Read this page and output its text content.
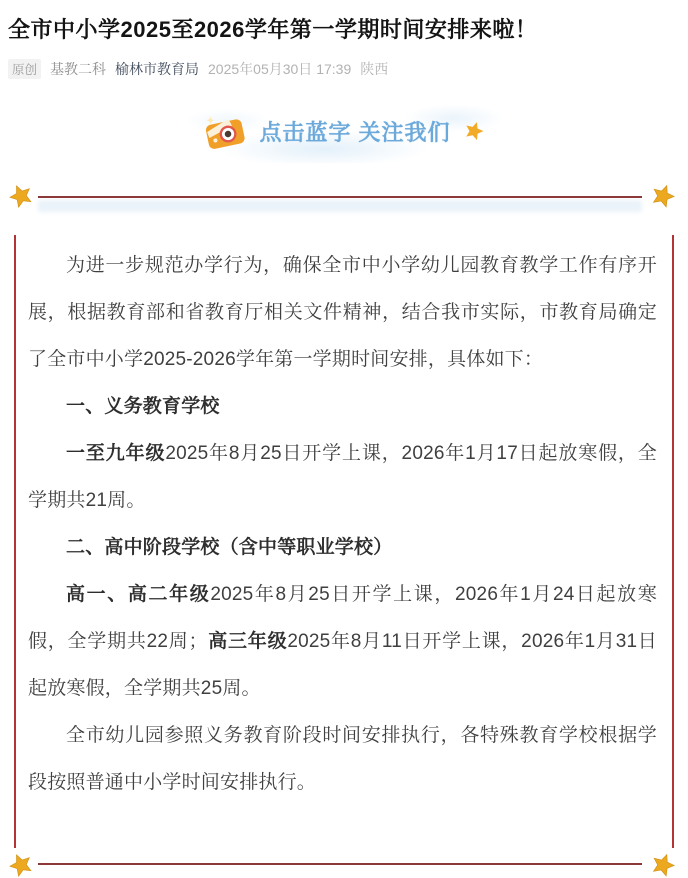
全市中小学2025至2026学年第一学期时间安排来啦！
原创 基教二科 榆林市教育局 2025年05月30日 17:39 陕西
点击蓝字 关注我们

为进一步规范办学行为，确保全市中小学幼儿园教育教学工作有序开展，根据教育部和省教育厅相关文件精神，结合我市实际，市教育局确定了全市中小学2025-2026学年第一学期时间安排，具体如下：

一、义务教育学校

一至九年级2025年8月25日开学上课，2026年1月17日起放寒假，全学期共21周。

二、高中阶段学校（含中等职业学校）

高一、高二年级2025年8月25日开学上课，2026年1月24日起放寒假，全学期共22周；高三年级2025年8月11日开学上课，2026年1月31日起放寒假，全学期共25周。

全市幼儿园参照义务教育阶段时间安排执行，各特殊教育学校根据学段按照普通中小学时间安排执行。
